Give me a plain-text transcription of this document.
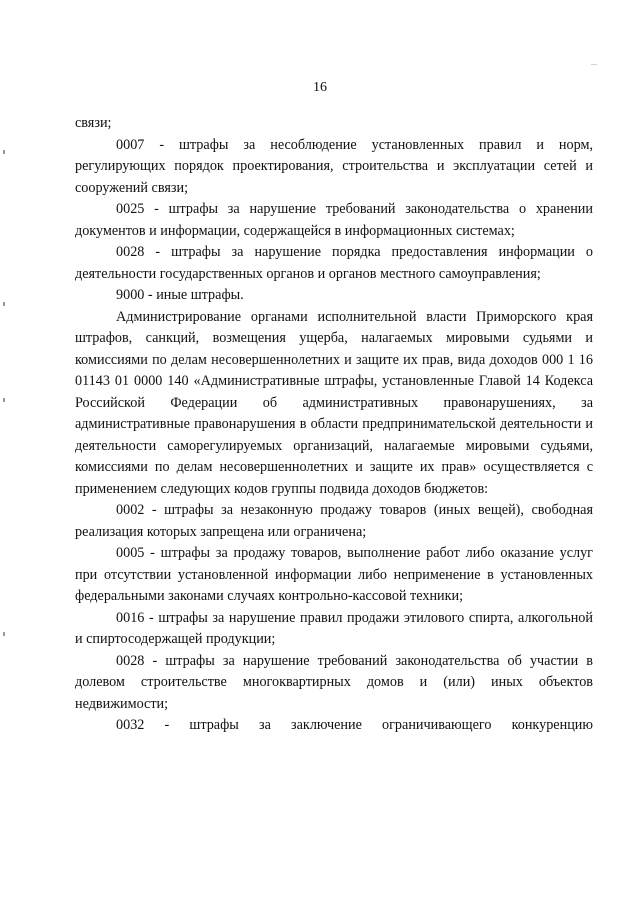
...
16

связи;

0007 - штрафы за несоблюдение установленных правил и норм, регулирующих порядок проектирования, строительства и эксплуатации сетей и сооружений связи;

0025 - штрафы за нарушение требований законодательства о хранении документов и информации, содержащейся в информационных системах;

0028 - штрафы за нарушение порядка предоставления информации о деятельности государственных органов и органов местного самоуправления;

9000 - иные штрафы.

Администрирование органами исполнительной власти Приморского края штрафов, санкций, возмещения ущерба, налагаемых мировыми судьями и комиссиями по делам несовершеннолетних и защите их прав, вида доходов 000 1 16 01143 01 0000 140 «Административные штрафы, установленные Главой 14 Кодекса Российской Федерации об административных правонарушениях, за административные правонарушения в области предпринимательской деятельности и деятельности саморегулируемых организаций, налагаемые мировыми судьями, комиссиями по делам несовершеннолетних и защите их прав» осуществляется с применением следующих кодов группы подвида доходов бюджетов:

0002 - штрафы за незаконную продажу товаров (иных вещей), свободная реализация которых запрещена или ограничена;

0005 - штрафы за продажу товаров, выполнение работ либо оказание услуг при отсутствии установленной информации либо неприменение в установленных федеральными законами случаях контрольно-кассовой техники;

0016 - штрафы за нарушение правил продажи этилового спирта, алкогольной и спиртосодержащей продукции;

0028 - штрафы за нарушение требований законодательства об участии в долевом строительстве многоквартирных домов и (или) иных объектов недвижимости;

0032 - штрафы за заключение ограничивающего конкуренцию
